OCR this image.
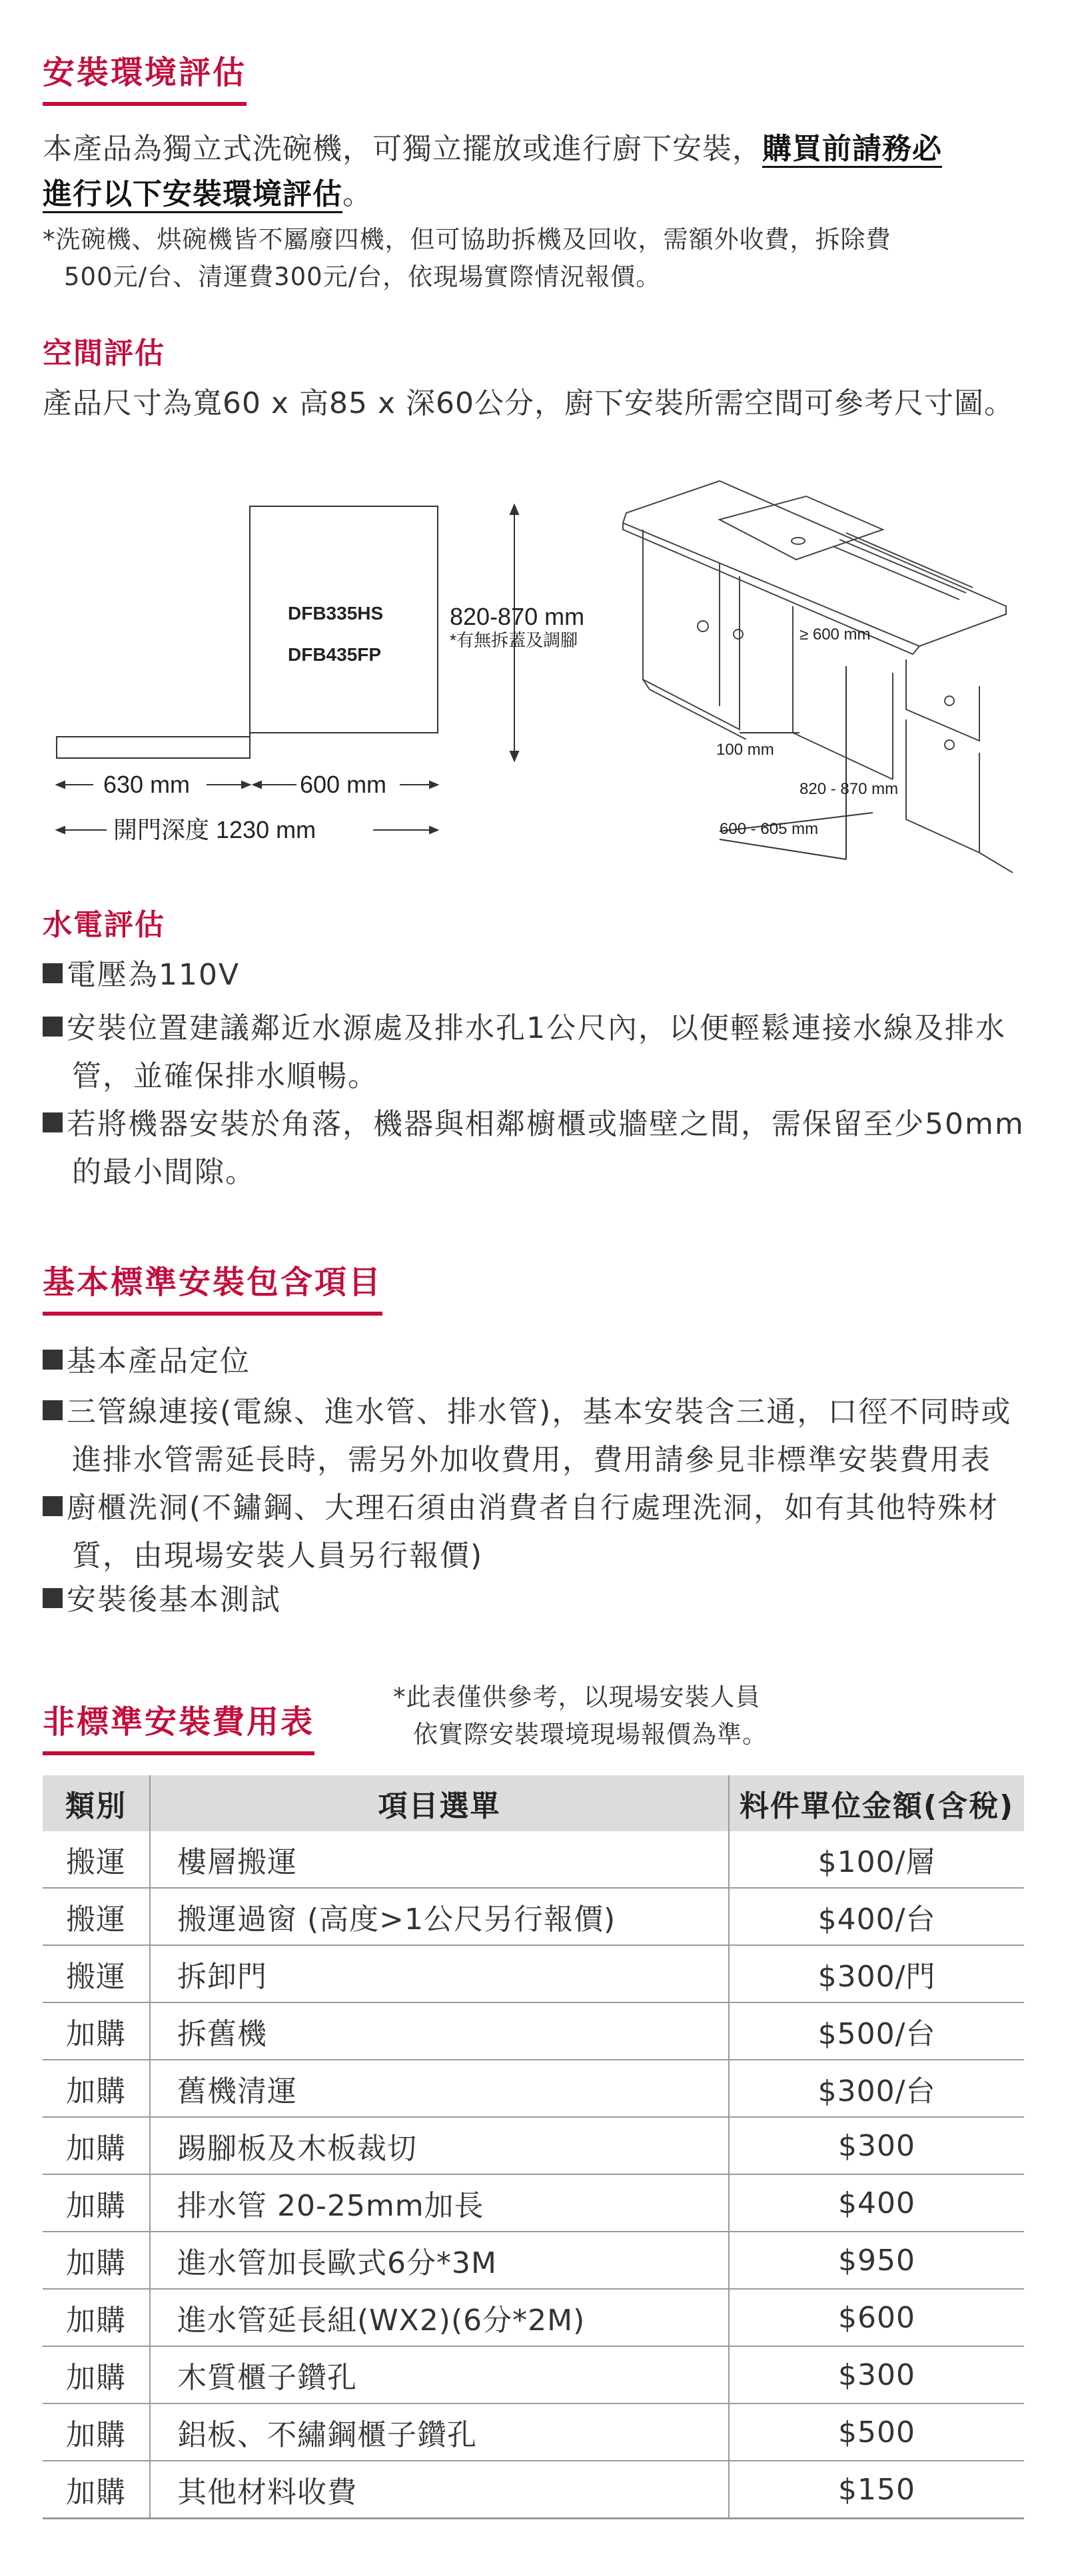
安裝環境評估
本產品為獨立式洗碗機，可獨立擺放或進行廚下安裝，購買前請務必
進行以下安裝環境評估。
*洗碗機、烘碗機皆不屬廢四機，但可協助拆機及回收，需額外收費，拆除費
500元/台、清運費300元/台，依現場實際情況報價。
空間評估
產品尺寸為寬60 x 高85 x 深60公分，廚下安裝所需空間可參考尺寸圖。
DFB335HS
DFB435FP
820-870 mm
*有無拆蓋及調腳
630 mm	600 mm
開門深度 1230 mm
≥ 600 mm
100 mm
820 - 870 mm
600 - 605 mm
水電評估
電壓為110V
安裝位置建議鄰近水源處及排水孔1公尺內，以便輕鬆連接水線及排水管，並確保排水順暢。
若將機器安裝於角落，機器與相鄰櫥櫃或牆壁之間，需保留至少50mm的最小間隙。
基本標準安裝包含項目
基本產品定位
三管線連接(電線、進水管、排水管)，基本安裝含三通，口徑不同時或進排水管需延長時，需另外加收費用，費用請參見非標準安裝費用表
廚櫃洗洞(不鏽鋼、大理石須由消費者自行處理洗洞，如有其他特殊材質，由現場安裝人員另行報價)
安裝後基本測試
非標準安裝費用表
*此表僅供參考，以現場安裝人員
依實際安裝環境現場報價為準。
類別	項目選單	料件單位金額(含稅)
搬運	樓層搬運	$100/層
搬運	搬運過窗 (高度>1公尺另行報價)	$400/台
搬運	拆卸門	$300/門
加購	拆舊機	$500/台
加購	舊機清運	$300/台
加購	踢腳板及木板裁切	$300
加購	排水管 20-25mm加長	$400
加購	進水管加長歐式6分*3M	$950
加購	進水管延長組(WX2)(6分*2M)	$600
加購	木質櫃子鑽孔	$300
加購	鋁板、不繡鋼櫃子鑽孔	$500
加購	其他材料收費	$150
